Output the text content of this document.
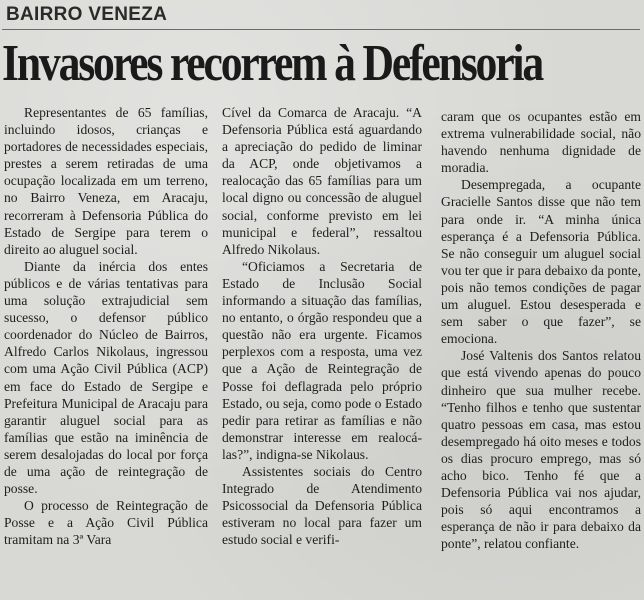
BAIRRO VENEZA
Invasores recorrem à Defensoria

Representantes de 65 famílias, incluindo idosos, crianças e portadores de necessidades especiais, prestes a serem retiradas de uma ocupação localizada em um terreno, no Bairro Veneza, em Aracaju, recorreram à Defensoria Pública do Estado de Sergipe para terem o direito ao aluguel social.

Diante da inércia dos entes públicos e de várias tentativas para uma solução extrajudicial sem sucesso, o defensor público coordenador do Núcleo de Bairros, Alfredo Carlos Nikolaus, ingressou com uma Ação Civil Pública (ACP) em face do Estado de Sergipe e Prefeitura Municipal de Aracaju para garantir aluguel social para as famílias que estão na iminência de serem desalojadas do local por força de uma ação de reintegração de posse.

O processo de Reintegração de Posse e a Ação Civil Pública tramitam na 3ª Vara

Cível da Comarca de Aracaju. “A Defensoria Pública está aguardando a apreciação do pedido de liminar da ACP, onde objetivamos a realocação das 65 famílias para um local digno ou concessão de aluguel social, conforme previsto em lei municipal e federal”, ressaltou Alfredo Nikolaus.

“Oficiamos a Secretaria de Estado de Inclusão Social informando a situação das famílias, no entanto, o órgão respondeu que a questão não era urgente. Ficamos perplexos com a resposta, uma vez que a Ação de Reintegração de Posse foi deflagrada pelo próprio Estado, ou seja, como pode o Estado pedir para retirar as famílias e não demonstrar interesse em realocá-las?”, indigna-se Nikolaus.

Assistentes sociais do Centro Integrado de Atendimento Psicossocial da Defensoria Pública estiveram no local para fazer um estudo social e verifi-

caram que os ocupantes estão em extrema vulnerabilidade social, não havendo nenhuma dignidade de moradia.

Desempregada, a ocupante Gracielle Santos disse que não tem para onde ir. “A minha única esperança é a Defensoria Pública. Se não conseguir um aluguel social vou ter que ir para debaixo da ponte, pois não temos condições de pagar um aluguel. Estou desesperada e sem saber o que fazer”, se emociona.

José Valtenis dos Santos relatou que está vivendo apenas do pouco dinheiro que sua mulher recebe. “Tenho filhos e tenho que sustentar quatro pessoas em casa, mas estou desempregado há oito meses e todos os dias procuro emprego, mas só acho bico. Tenho fé que a Defensoria Pública vai nos ajudar, pois só aqui encontramos a esperança de não ir para debaixo da ponte”, relatou confiante.
